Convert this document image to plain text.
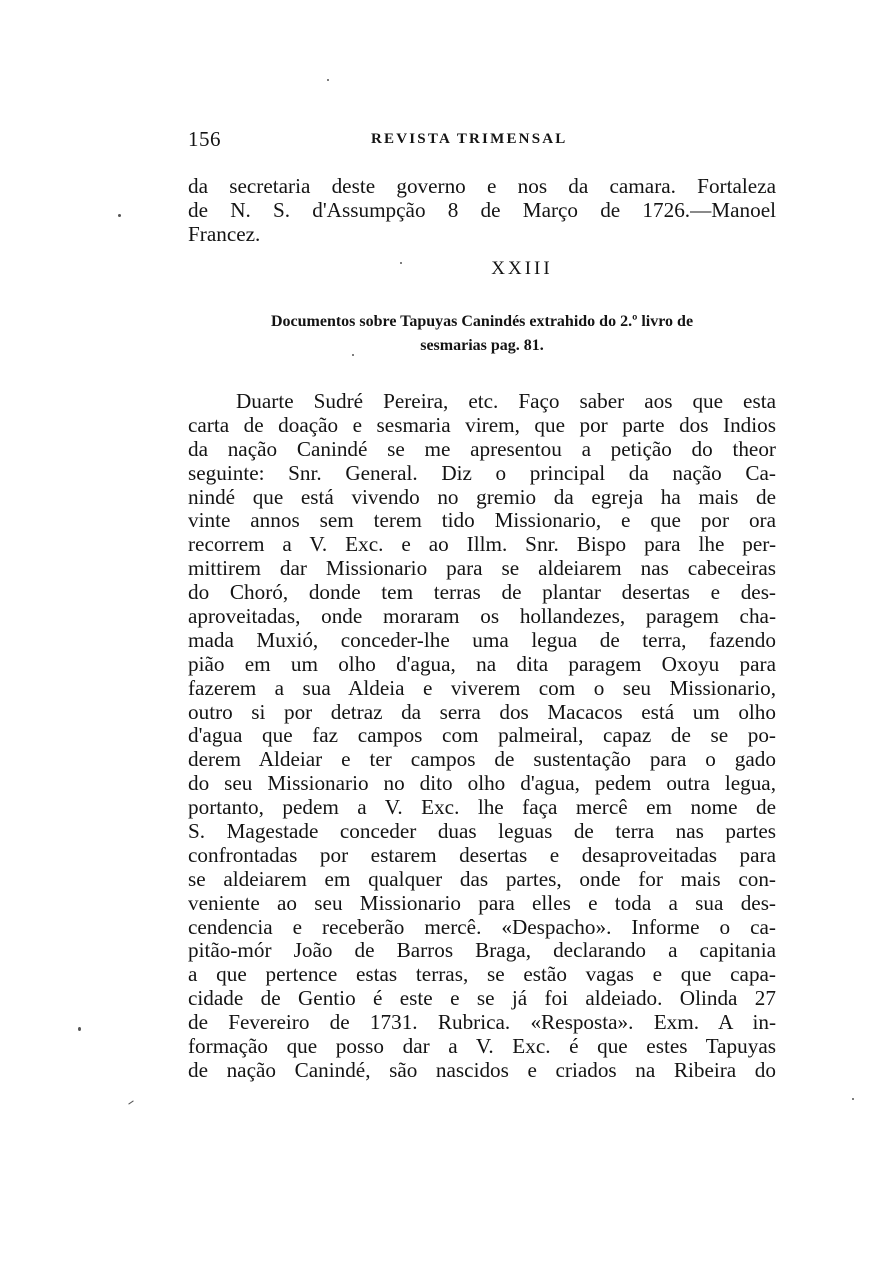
156	REVISTA TRIMENSAL
da secretaria deste governo e nos da camara. Fortaleza
de N. S. d'Assumpção 8 de Março de 1726.—Manoel
Francez.
XXIII
Documentos sobre Tapuyas Canindés extrahido do 2.º livro de
sesmarias pag. 81.
Duarte Sudré Pereira, etc. Faço saber aos que esta
carta de doação e sesmaria virem, que por parte dos Indios
da nação Canindé se me apresentou a petição do theor
seguinte: Snr. General. Diz o principal da nação Ca-
nindé que está vivendo no gremio da egreja ha mais de
vinte annos sem terem tido Missionario, e que por ora
recorrem a V. Exc. e ao Illm. Snr. Bispo para lhe per-
mittirem dar Missionario para se aldeiarem nas cabeceiras
do Choró, donde tem terras de plantar desertas e des-
aproveitadas, onde moraram os hollandezes, paragem cha-
mada Muxió, conceder-lhe uma legua de terra, fazendo
pião em um olho d'agua, na dita paragem Oxoyu para
fazerem a sua Aldeia e viverem com o seu Missionario,
outro si por detraz da serra dos Macacos está um olho
d'agua que faz campos com palmeiral, capaz de se po-
derem Aldeiar e ter campos de sustentação para o gado
do seu Missionario no dito olho d'agua, pedem outra legua,
portanto, pedem a V. Exc. lhe faça mercê em nome de
S. Magestade conceder duas leguas de terra nas partes
confrontadas por estarem desertas e desaproveitadas para
se aldeiarem em qualquer das partes, onde for mais con-
veniente ao seu Missionario para elles e toda a sua des-
cendencia e receberão mercê. «Despacho». Informe o ca-
pitão-mór João de Barros Braga, declarando a capitania
a que pertence estas terras, se estão vagas e que capa-
cidade de Gentio é este e se já foi aldeiado. Olinda 27
de Fevereiro de 1731. Rubrica. «Resposta». Exm. A in-
formação que posso dar a V. Exc. é que estes Tapuyas
de nação Canindé, são nascidos e criados na Ribeira do
